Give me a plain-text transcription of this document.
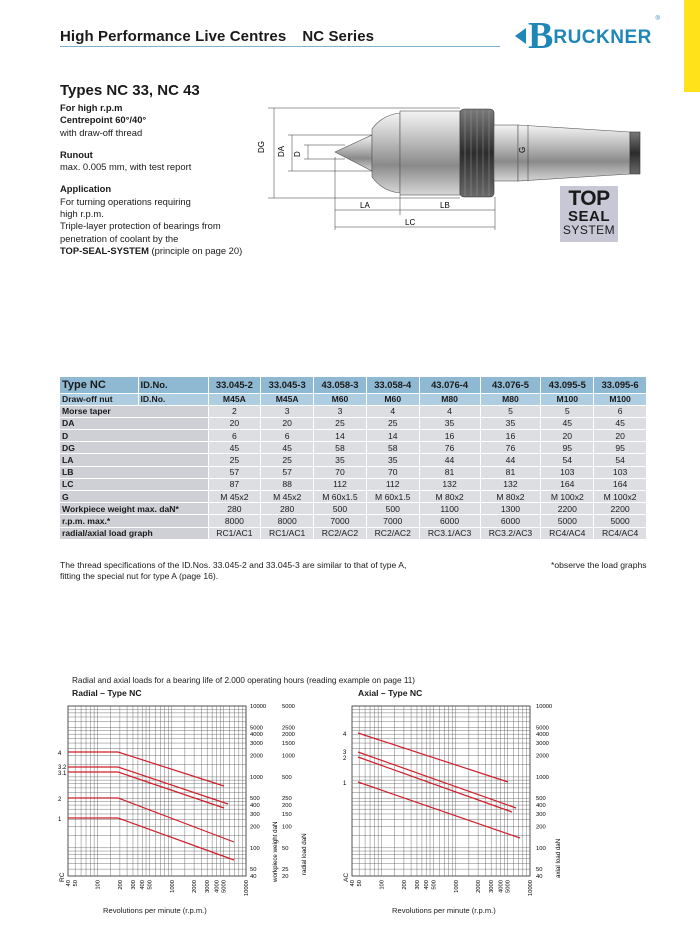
High Performance Live Centres NC Series	B RUCKNER
®
Types NC 33, NC 43
For high r.p.m
Centrepoint 60°/40°
with draw-off thread
Runout
max. 0.005 mm, with test report
Application
For turning operations requiring
high r.p.m.
Triple-layer protection of bearings from
penetration of coolant by the
TOP-SEAL-SYSTEM (principle on page 20)
DG DA D
G
LA	LB
LC
TOP
SEAL
SYSTEM
Type NC	ID.No.	33.045-2	33.045-3	43.058-3	33.058-4	43.076-4	43.076-5	43.095-5	33.095-6
Draw-off nut	ID.No.	M45A	M45A	M60	M60	M80	M80	M100	M100
Morse taper		2	3	3	4	4	5	5	6
DA		20	20	25	25	35	35	45	45
D		6	6	14	14	16	16	20	20
DG		45	45	58	58	76	76	95	95
LA		25	25	35	35	44	44	54	54
LB		57	57	70	70	81	81	103	103
LC		87	88	112	112	132	132	164	164
G		M 45x2	M 45x2	M 60x1.5	M 60x1.5	M 80x2	M 80x2	M 100x2	M 100x2
Workpiece weight max. daN*		280	280	500	500	1100	1300	2200	2200
r.p.m. max.*		8000	8000	7000	7000	6000	6000	5000	5000
radial/axial load graph		RC1/AC1	RC1/AC1	RC2/AC2	RC2/AC2	RC3.1/AC3	RC3.2/AC3	RC4/AC4	RC4/AC4
The thread specifications of the ID.Nos. 33.045-2 and 33.045-3 are similar to that of type A,
fitting the special nut for type A (page 16).
*observe the load graphs
Radial and axial loads for a bearing life of 2.000 operating hours (reading example on page 11)
Radial – Type NC	Axial – Type NC
40 50	100	200 300 400 500	1000	2000 3000 4000 5000	10000
10000
5000
4000
3000
2000
1000
500
400
300
200
100
50
40
5000
2500
2000
1500
1000
500
250
200
150
100
50
25
20
4
3.2
3.1
2
1
RC	workpiece weight daN	radial load daN
40 50	100	200 300 400 500	1000	2000 3000 4000 5000	10000
10000
5000
4000
3000
2000
1000
500
400
300
200
100
50
40
4
3
2
1
AC	axial load daN
Revolutions per minute (r.p.m.)	Revolutions per minute (r.p.m.)
